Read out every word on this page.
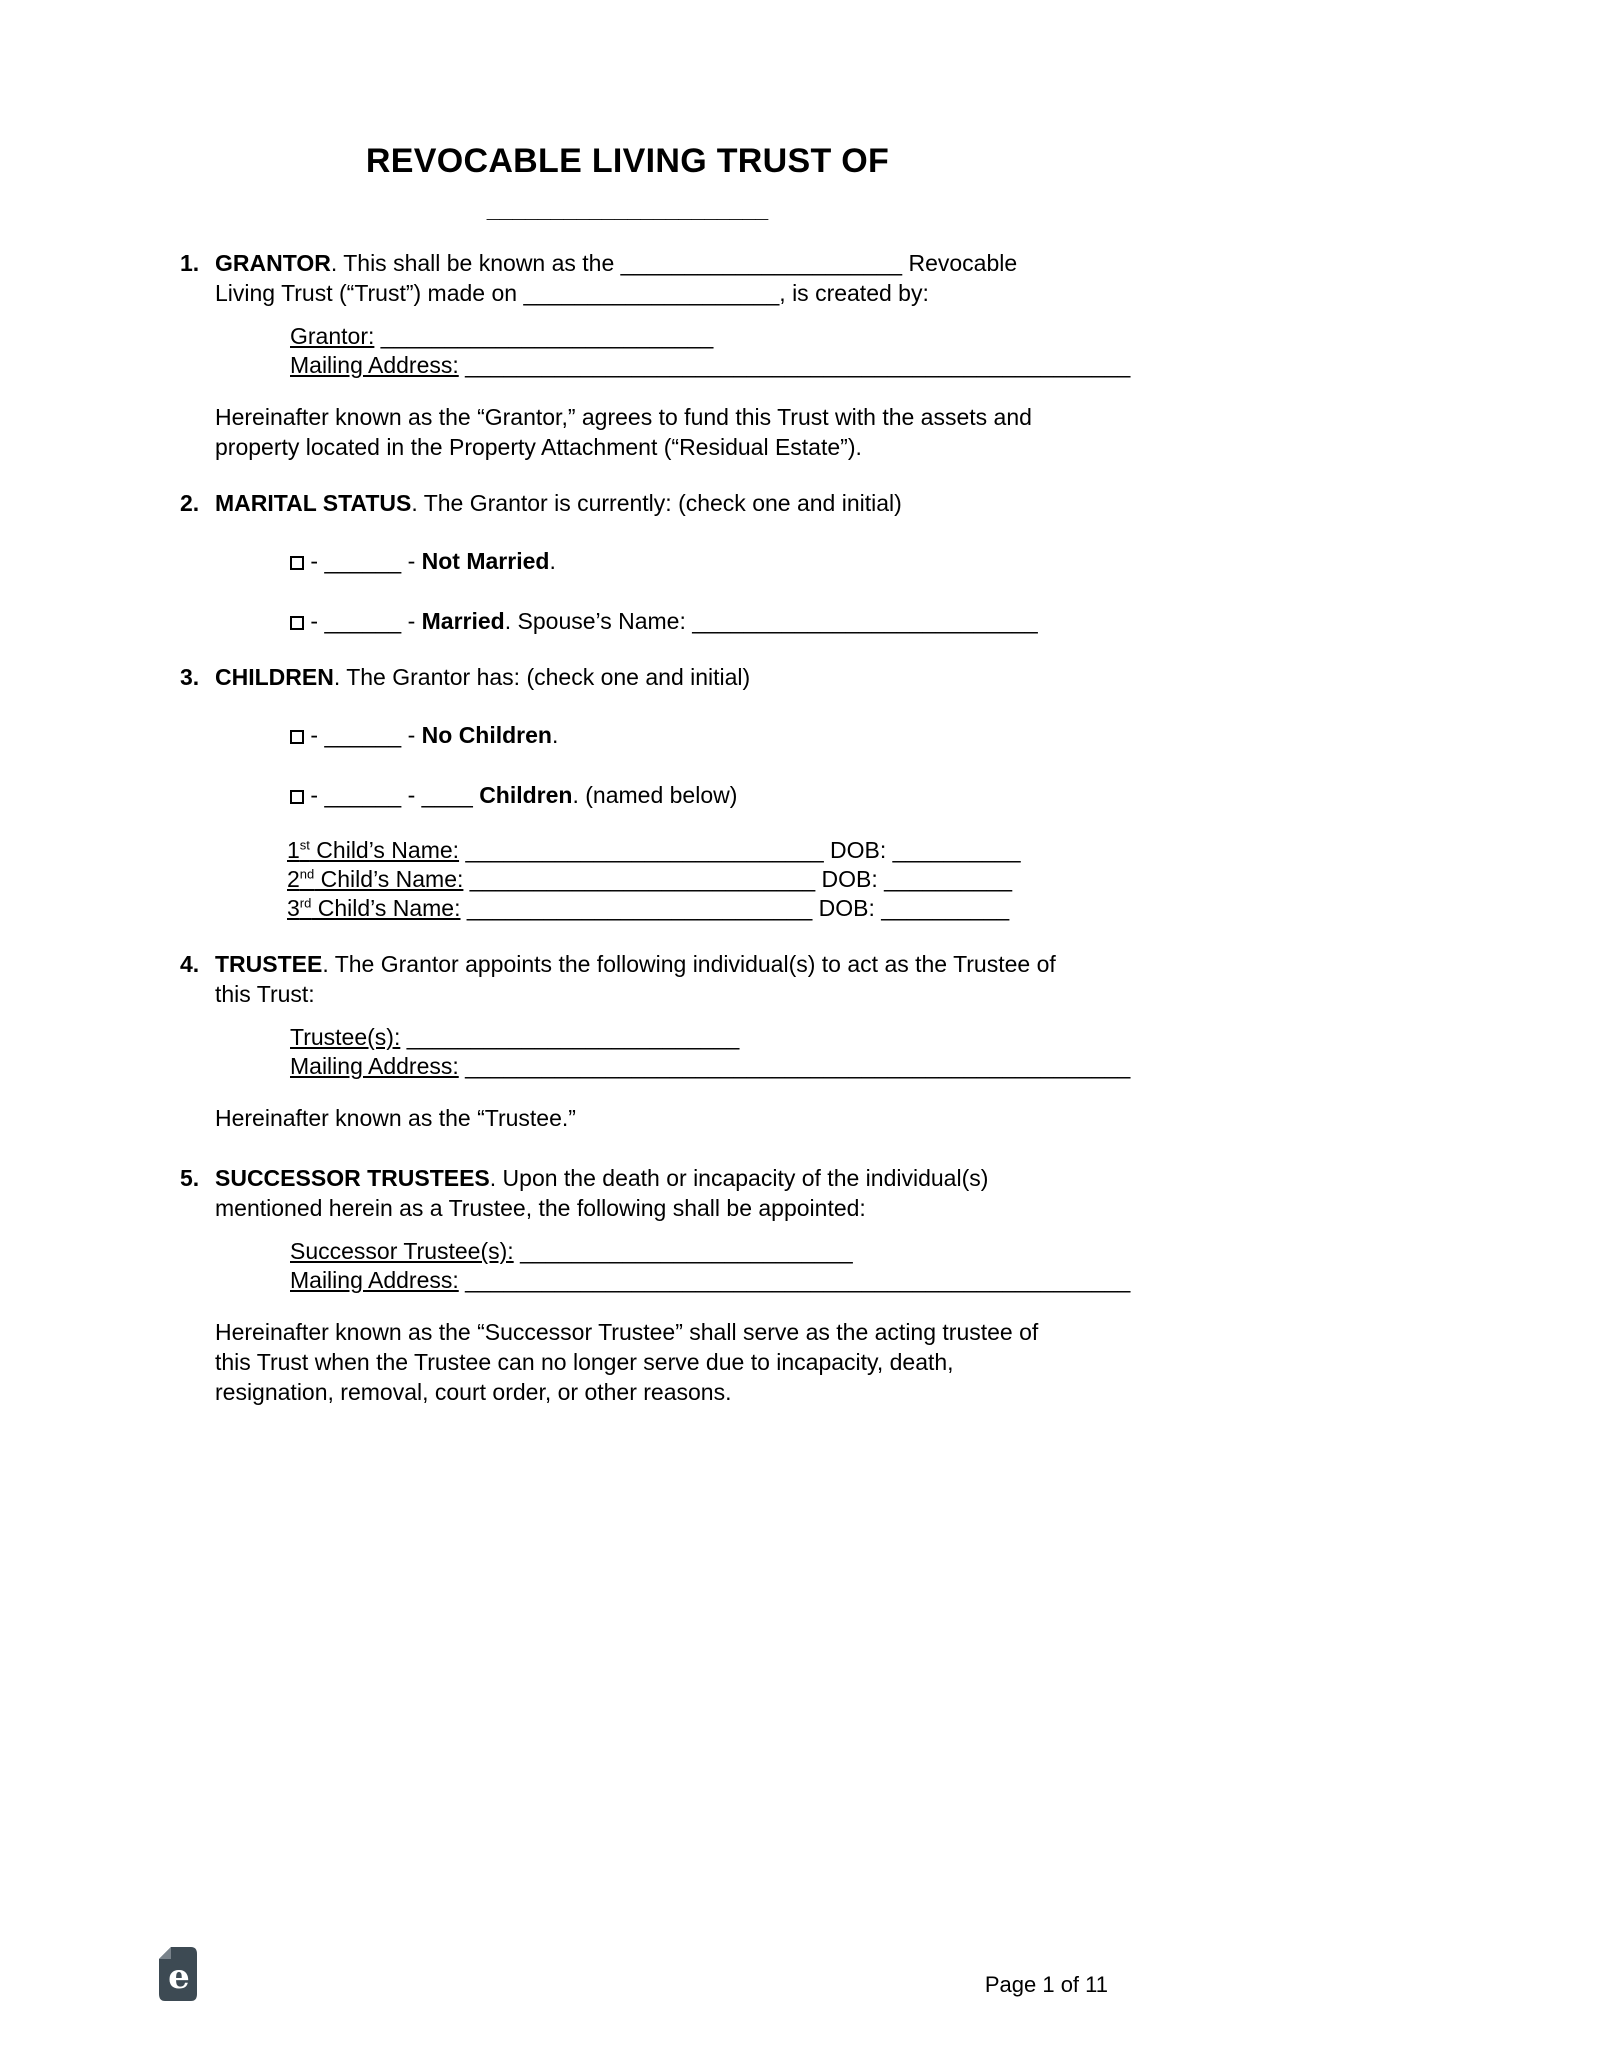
REVOCABLE LIVING TRUST OF
______________________
1. GRANTOR. This shall be known as the ______________________ Revocable Living Trust (“Trust”) made on ____________________, is created by:

Grantor: __________________________

Mailing Address: ____________________________________________________

Hereinafter known as the “Grantor,” agrees to fund this Trust with the assets and property located in the Property Attachment (“Residual Estate”).

2. MARITAL STATUS. The Grantor is currently: (check one and initial)

- ______ - Not Married.

- ______ - Married. Spouse’s Name: ___________________________

3. CHILDREN. The Grantor has: (check one and initial)

- ______ - No Children.

- ______ - ____ Children. (named below)

1st Child’s Name: ____________________________ DOB: __________

2nd Child’s Name: ___________________________ DOB: __________

3rd Child’s Name: ___________________________ DOB: __________

4. TRUSTEE. The Grantor appoints the following individual(s) to act as the Trustee of this Trust:

Trustee(s): __________________________

Mailing Address: ____________________________________________________

Hereinafter known as the “Trustee.”

5. SUCCESSOR TRUSTEES. Upon the death or incapacity of the individual(s) mentioned herein as a Trustee, the following shall be appointed:

Successor Trustee(s): __________________________

Mailing Address: ____________________________________________________

Hereinafter known as the “Successor Trustee” shall serve as the acting trustee of this Trust when the Trustee can no longer serve due to incapacity, death, resignation, removal, court order, or other reasons.

e	Page 1 of 11
